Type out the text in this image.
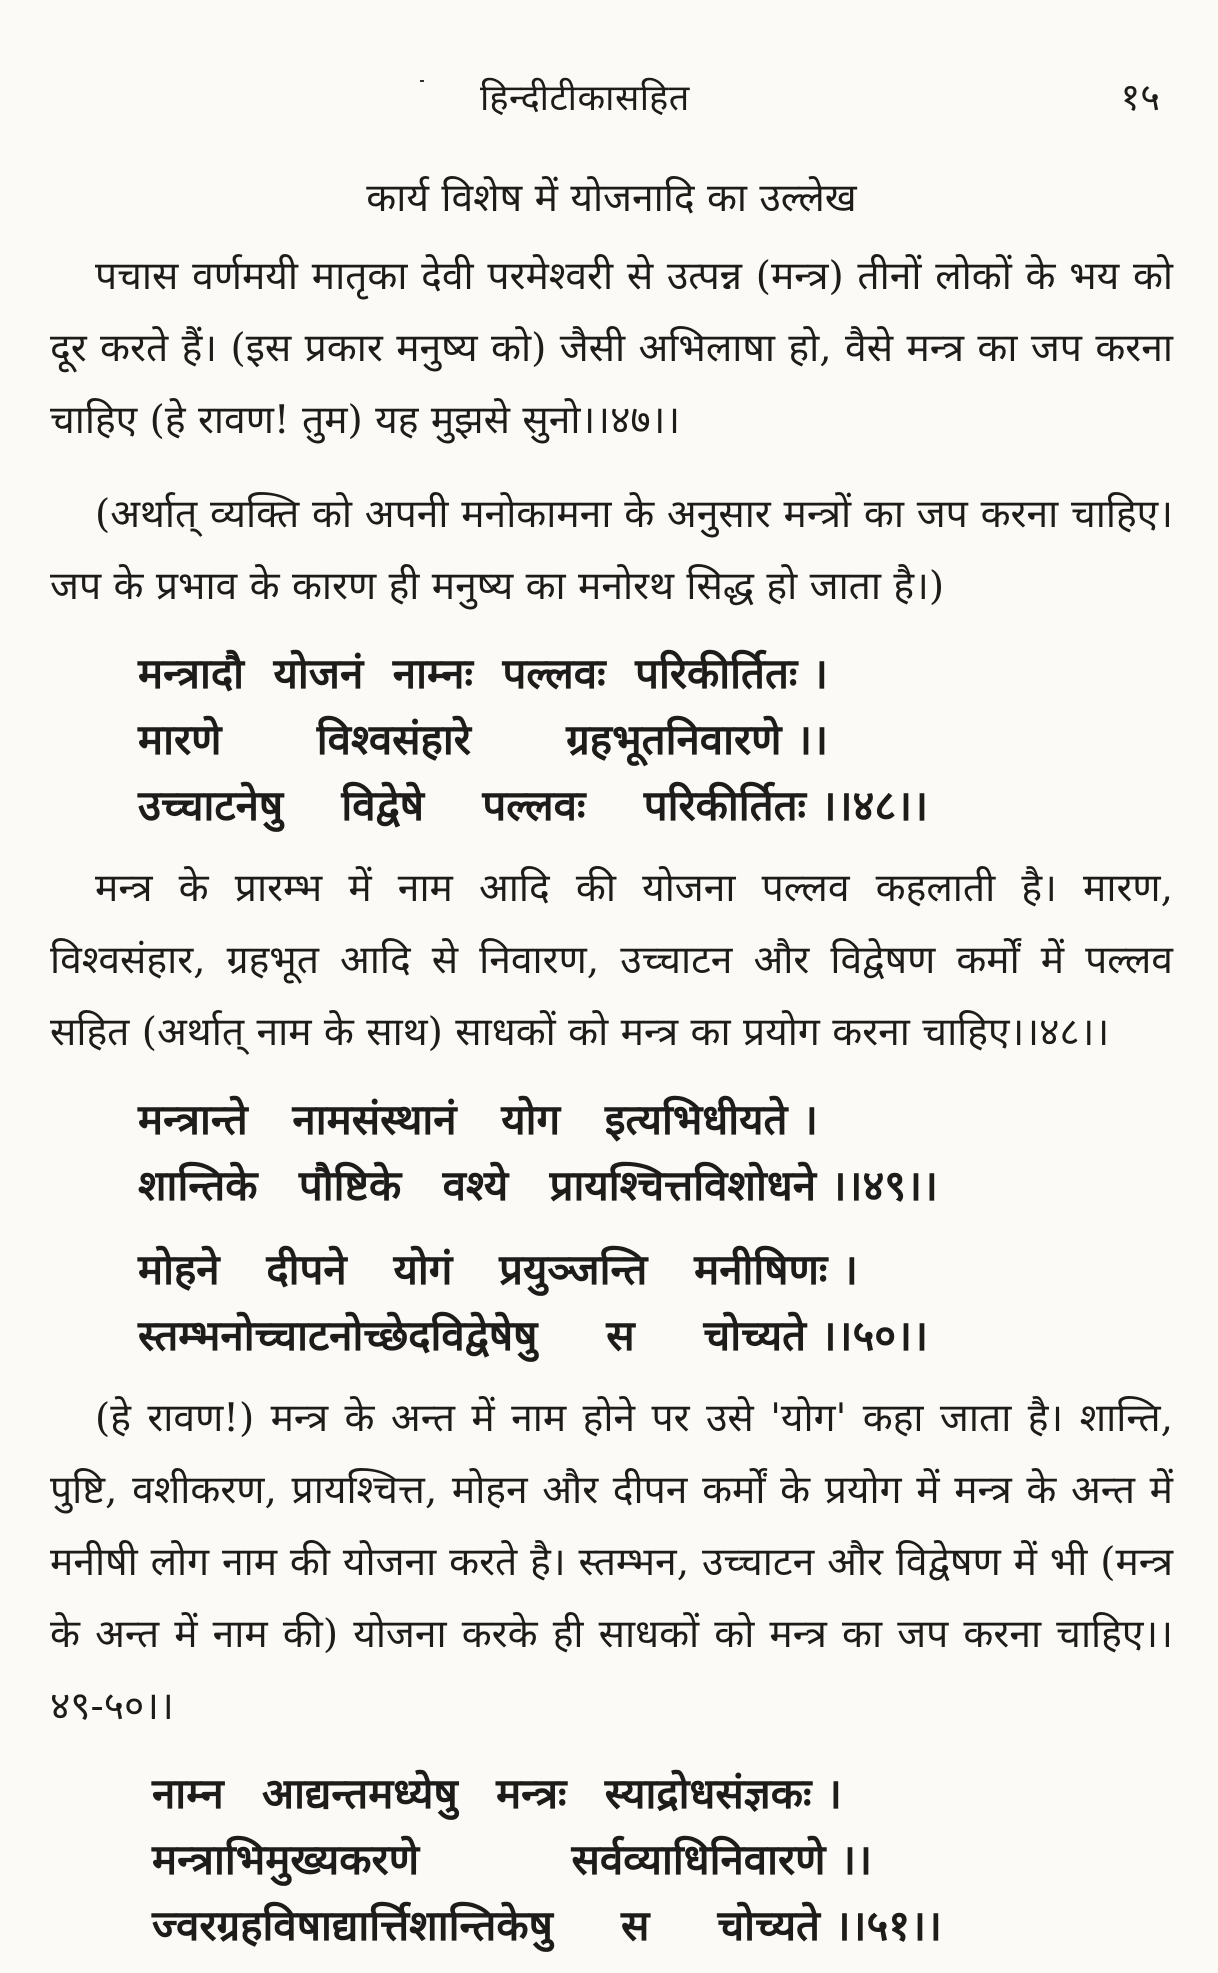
हिन्दीटीकासहित	१५
कार्य विशेष में योजनादि का उल्लेख

पचास वर्णमयी मातृका देवी परमेश्वरी से उत्पन्न (मन्त्र) तीनों लोकों के भय को दूर करते हैं। (इस प्रकार मनुष्य को) जैसी अभिलाषा हो, वैसे मन्त्र का जप करना चाहिए (हे रावण! तुम) यह मुझसे सुनो।।४७।।

(अर्थात् व्यक्ति को अपनी मनोकामना के अनुसार मन्त्रों का जप करना चाहिए। जप के प्रभाव के कारण ही मनुष्य का मनोरथ सिद्ध हो जाता है।)

मन्त्रादौ योजनं नाम्नः पल्लवः परिकीर्तितः ।
मारणे विश्वसंहारे ग्रहभूतनिवारणे ।।
उच्चाटनेषु विद्वेषे पल्लवः परिकीर्तितः ।।४८।।

मन्त्र के प्रारम्भ में नाम आदि की योजना पल्लव कहलाती है। मारण, विश्वसंहार, ग्रहभूत आदि से निवारण, उच्चाटन और विद्वेषण कर्मों में पल्लव सहित (अर्थात् नाम के साथ) साधकों को मन्त्र का प्रयोग करना चाहिए।।४८।।

मन्त्रान्ते नामसंस्थानं योग इत्यभिधीयते ।
शान्तिके पौष्टिके वश्ये प्रायश्चित्तविशोधने ।।४९।।
मोहने दीपने योगं प्रयुञ्जन्ति मनीषिणः ।
स्तम्भनोच्चाटनोच्छेदविद्वेषेषु स चोच्यते ।।५०।।

(हे रावण!) मन्त्र के अन्त में नाम होने पर उसे 'योग' कहा जाता है। शान्ति, पुष्टि, वशीकरण, प्रायश्चित्त, मोहन और दीपन कर्मों के प्रयोग में मन्त्र के अन्त में मनीषी लोग नाम की योजना करते है। स्तम्भन, उच्चाटन और विद्वेषण में भी (मन्त्र के अन्त में नाम की) योजना करके ही साधकों को मन्त्र का जप करना चाहिए।।४९-५०।।

नाम्न आद्यन्तमध्येषु मन्त्रः स्याद्रोधसंज्ञकः ।
मन्त्राभिमुख्यकरणे	सर्वव्याधिनिवारणे ।।
ज्वरग्रहविषाद्यार्त्तिशान्तिकेषु स चोच्यते ।।५१।।
